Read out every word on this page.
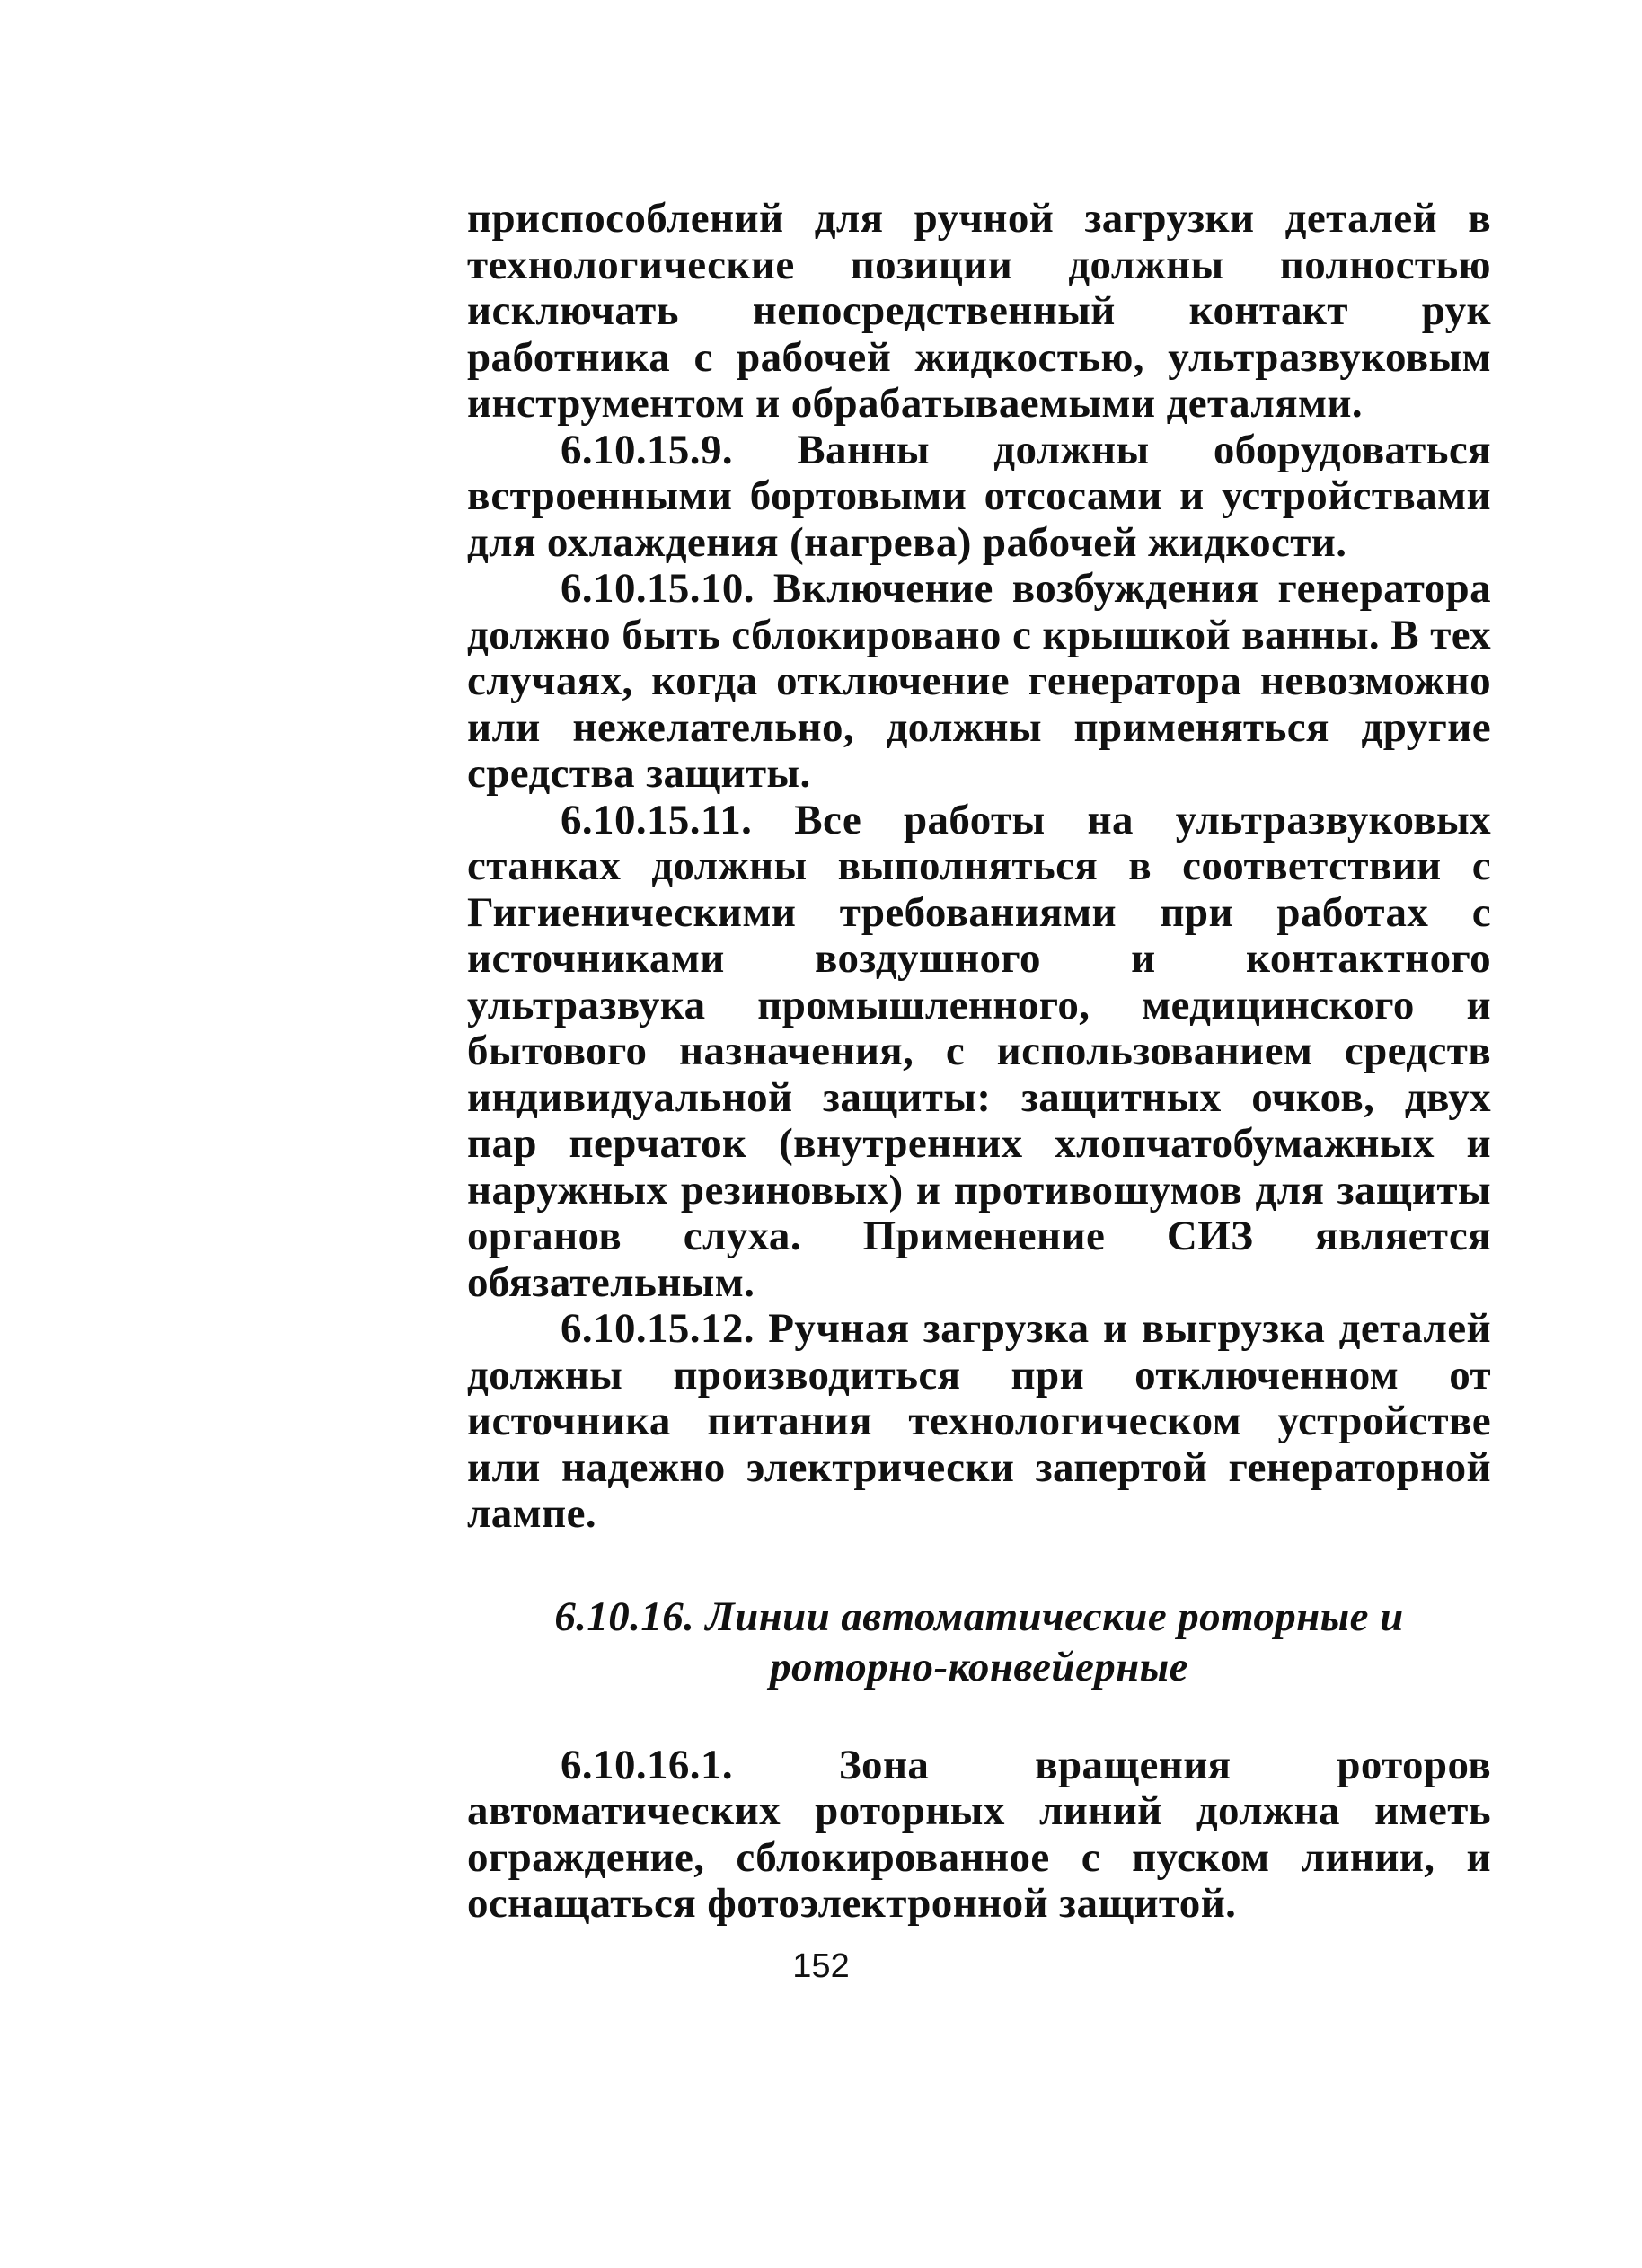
приспособлений для ручной загрузки деталей в технологические позиции должны полностью исключать непосредственный контакт рук работника с рабочей жидкостью, ультразвуковым инструментом и обрабатываемыми деталями.

6.10.15.9. Ванны должны оборудоваться встроенными бортовыми отсосами и устройствами для охлаждения (нагрева) рабочей жидкости.

6.10.15.10. Включение возбуждения генератора должно быть сблокировано с крышкой ванны. В тех случаях, когда отключение генератора невозможно или нежелательно, должны применяться другие средства защиты.

6.10.15.11. Все работы на ультразвуковых станках должны выполняться в соответствии с Гигиеническими требованиями при работах с источниками воздушного и контактного ультразвука промышленного, медицинского и бытового назначения, с использованием средств индивидуальной защиты: защитных очков, двух пар перчаток (внутренних хлопчатобумажных и наружных резиновых) и противошумов для защиты органов слуха. Применение СИЗ является обязательным.

6.10.15.12. Ручная загрузка и выгрузка деталей должны производиться при отключенном от источника питания технологическом устройстве или надежно электрически запертой генераторной лампе.

6.10.16. Линии автоматические роторные и
роторно-конвейерные

6.10.16.1. Зона вращения роторов автоматических роторных линий должна иметь ограждение, сблокированное с пуском линии, и оснащаться фотоэлектронной защитой.

152
